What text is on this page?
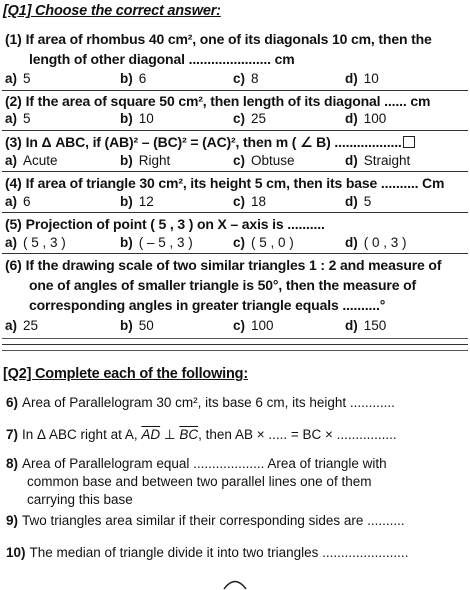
[Q1] Choose the correct answer:
(1) If area of rhombus 40 cm², one of its diagonals 10 cm, then the
length of other diagonal ...................... cm
a) 5	b) 6	c) 8	d) 10
(2) If the area of square 50 cm², then length of its diagonal ...... cm
a) 5	b) 10	c) 25	d) 100
(3) In Δ ABC, if (AB)² – (BC)² = (AC)², then m ( ∠ B) ..................
a) Acute	b) Right	c) Obtuse	d) Straight
(4) If area of triangle 30 cm², its height 5 cm, then its base .......... Cm
a) 6	b) 12	c) 18	d) 5
(5) Projection of point ( 5 , 3 ) on X – axis is ..........
a) ( 5 , 3 )	b) ( – 5 , 3 )	c) ( 5 , 0 )	d) ( 0 , 3 )
(6) If the drawing scale of two similar triangles 1 : 2 and measure of
one of angles of smaller triangle is 50°, then the measure of
corresponding angles in greater triangle equals ..........°
a) 25	b) 50	c) 100	d) 150
[Q2] Complete each of the following:
6) Area of Parallelogram 30 cm², its base 6 cm, its height ............
7) In Δ ABC right at A, $\overline{AD}$ ⊥ $\overline{BC}$, then AB × ..... = BC × ................
8) Area of Parallelogram equal ................... Area of triangle with
common base and between two parallel lines one of them
carrying this base
9) Two triangles area similar if their corresponding sides are ..........
10) The median of triangle divide it into two triangles .......................
